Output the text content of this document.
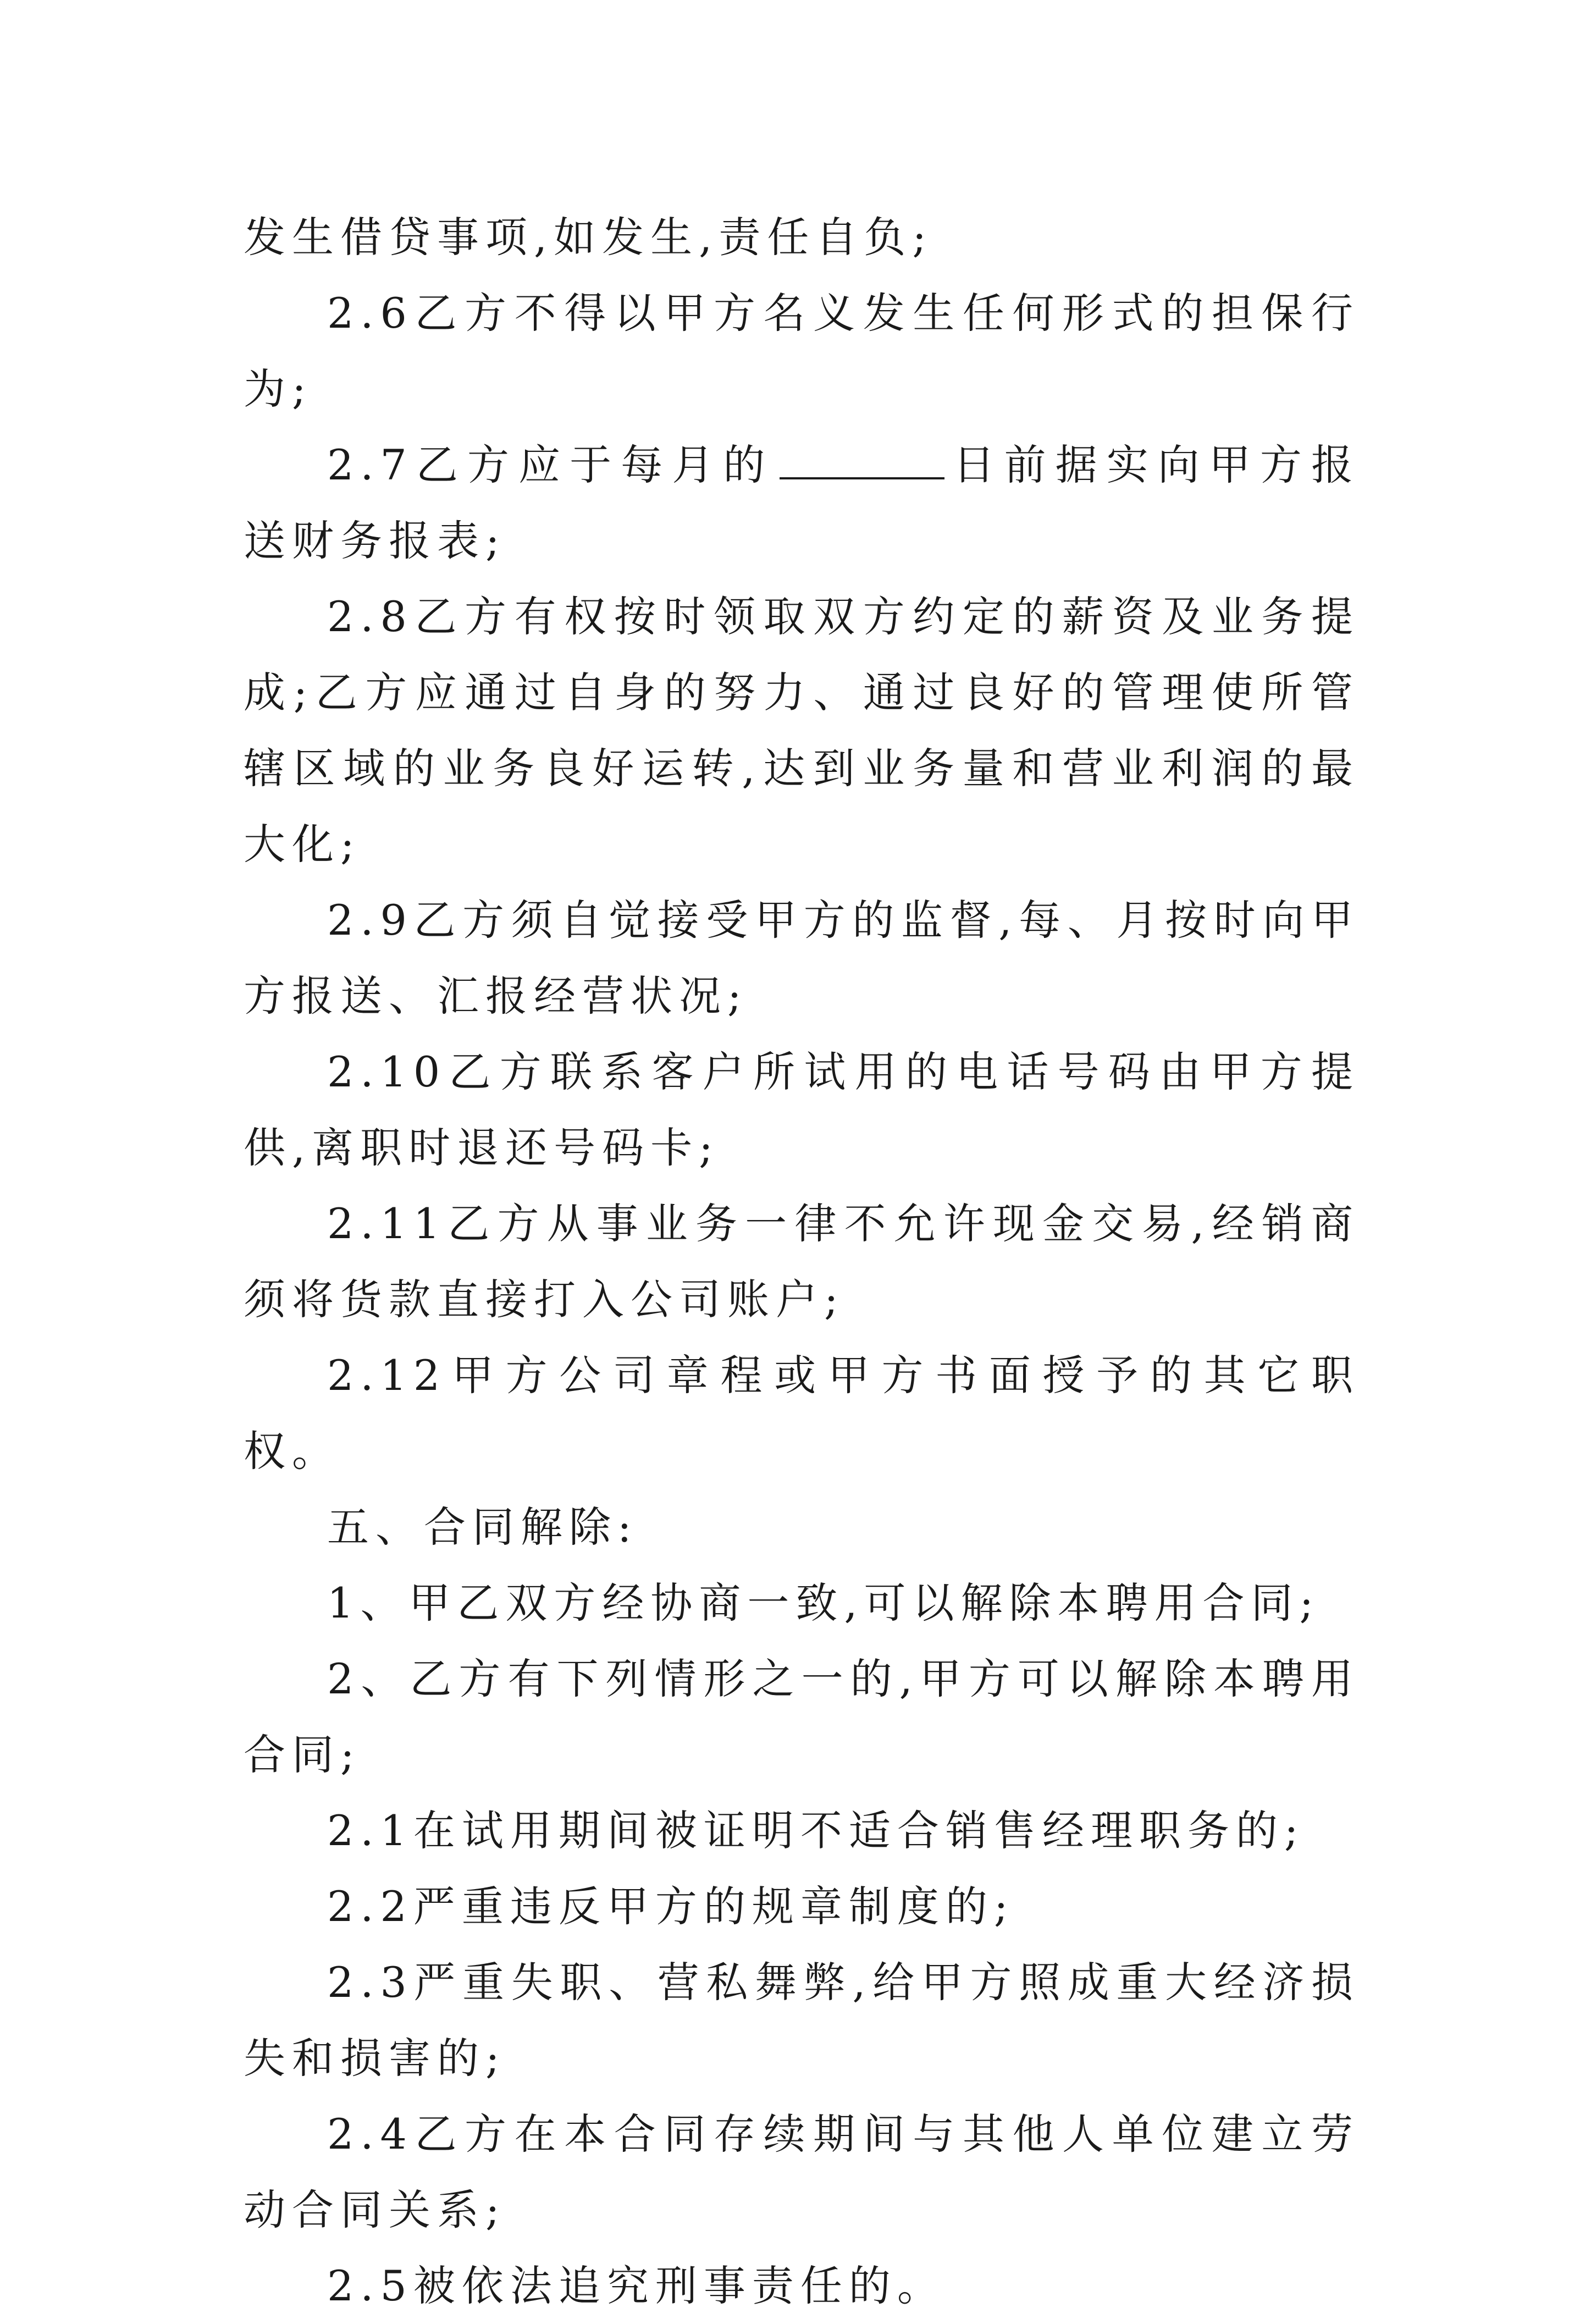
发生借贷事项,如发生,责任自负;

2.6乙方不得以甲方名义发生任何形式的担保行为;

2.7乙方应于每月的	日前据实向甲方报送财务报表;

2.8乙方有权按时领取双方约定的薪资及业务提成;乙方应通过自身的努力、通过良好的管理使所管辖区域的业务良好运转,达到业务量和营业利润的最大化;

2.9乙方须自觉接受甲方的监督,每、月按时向甲方报送、汇报经营状况;

2.10乙方联系客户所试用的电话号码由甲方提供,离职时退还号码卡;

2.11乙方从事业务一律不允许现金交易,经销商须将货款直接打入公司账户;

2.12甲方公司章程或甲方书面授予的其它职权。

五、合同解除:

1、甲乙双方经协商一致,可以解除本聘用合同;

2、乙方有下列情形之一的,甲方可以解除本聘用合同;

2.1在试用期间被证明不适合销售经理职务的;

2.2严重违反甲方的规章制度的;

2.3严重失职、营私舞弊,给甲方照成重大经济损失和损害的;

2.4乙方在本合同存续期间与其他人单位建立劳动合同关系;

2.5被依法追究刑事责任的。
